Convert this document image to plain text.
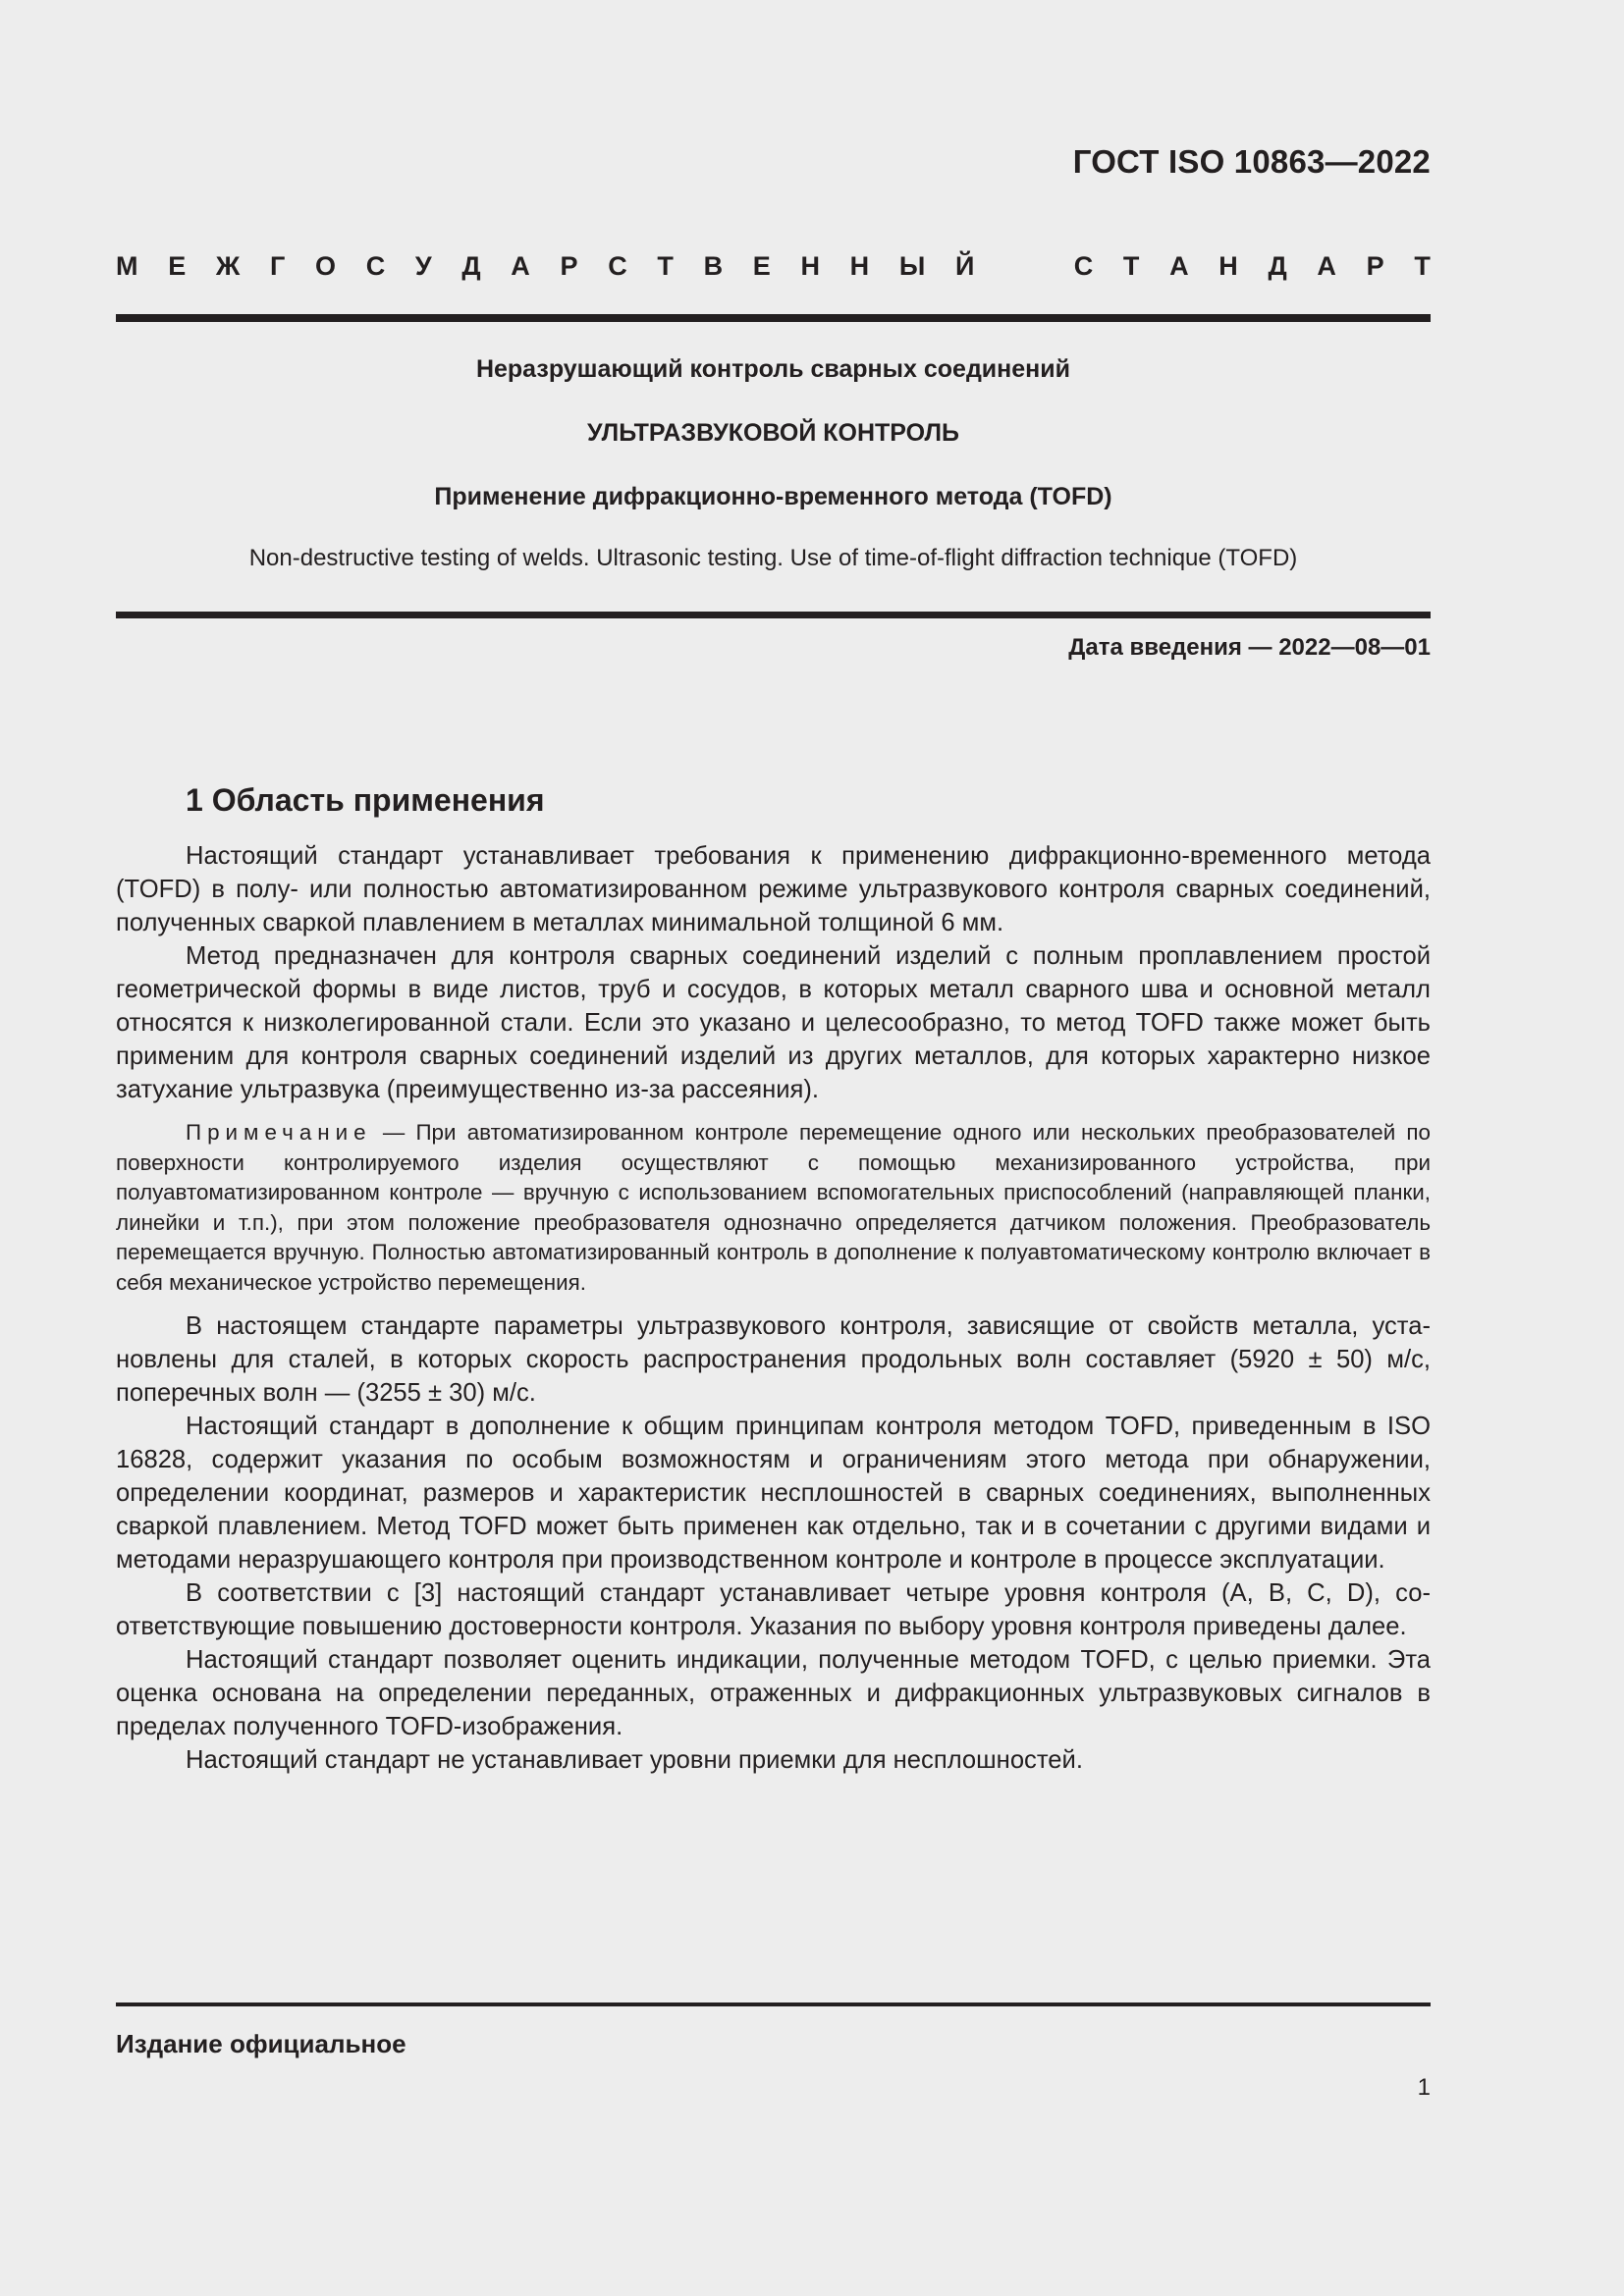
ГОСТ ISO 10863—2022
М Е Ж Г О С У Д А Р С Т В Е Н Н Ы Й	С Т А Н Д А Р Т
Неразрушающий контроль сварных соединений
УЛЬТРАЗВУКОВОЙ КОНТРОЛЬ
Применение дифракционно-временного метода (TOFD)
Non-destructive testing of welds. Ultrasonic testing. Use of time-of-flight diffraction technique (TOFD)
Дата введения — 2022—08—01
1 Область применения

Настоящий стандарт устанавливает требования к применению дифракционно-временного метода (TOFD) в полу- или полностью автоматизированном режиме ультразвукового контроля сварных соединений, полученных сваркой плавлением в металлах минимальной толщиной 6 мм.

Метод предназначен для контроля сварных соединений изделий с полным проплавлением простой геометрической формы в виде листов, труб и сосудов, в которых металл сварного шва и основной металл относятся к низколегированной стали. Если это указано и целесообразно, то метод TOFD также может быть применим для контроля сварных соединений изделий из других металлов, для которых характерно низкое затухание ультразвука (преимущественно из-за рассеяния).

Примечание — При автоматизированном контроле перемещение одного или нескольких преобразователей по поверхности контролируемого изделия осуществляют с помощью механизированного устройства, при полуавтоматизированном контроле — вручную с использованием вспомогательных приспособлений (направляющей планки, линейки и т.п.), при этом положение преобразователя однозначно определяется датчиком положения. Преобразователь перемещается вручную. Полностью автоматизированный контроль в дополнение к полуавтоматическому контролю включает в себя механическое устройство перемещения.

В настоящем стандарте параметры ультразвукового контроля, зависящие от свойств металла, установлены для сталей, в которых скорость распространения продольных волн составляет (5920 ± 50) м/с, поперечных волн — (3255 ± 30) м/с.

Настоящий стандарт в дополнение к общим принципам контроля методом TOFD, приведенным в ISO 16828, содержит указания по особым возможностям и ограничениям этого метода при обнаружении, определении координат, размеров и характеристик несплошностей в сварных соединениях, выполненных сваркой плавлением. Метод TOFD может быть применен как отдельно, так и в сочетании с другими видами и методами неразрушающего контроля при производственном контроле и контроле в процессе эксплуатации.

В соответствии с [3] настоящий стандарт устанавливает четыре уровня контроля (A, B, C, D), соответствующие повышению достоверности контроля. Указания по выбору уровня контроля приведены далее.

Настоящий стандарт позволяет оценить индикации, полученные методом TOFD, с целью приемки. Эта оценка основана на определении переданных, отраженных и дифракционных ультразвуковых сигналов в пределах полученного TOFD-изображения.

Настоящий стандарт не устанавливает уровни приемки для несплошностей.

Издание официальное
1
